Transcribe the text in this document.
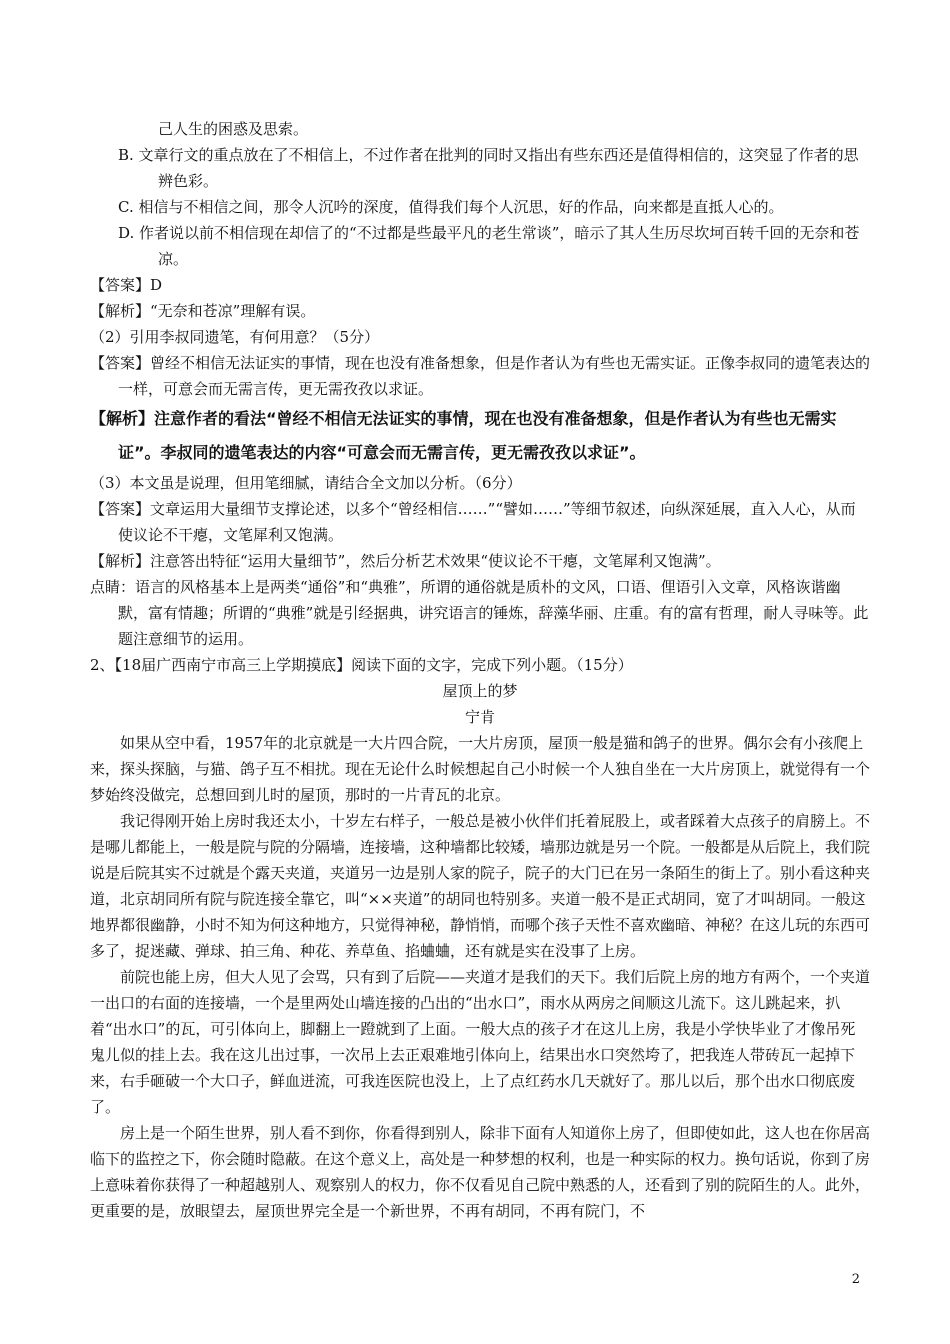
己人生的困惑及思索。

B. 文章行文的重点放在了不相信上，不过作者在批判的同时又指出有些东西还是值得相信的，这突显了作者的思辨色彩。

C. 相信与不相信之间，那令人沉吟的深度，值得我们每个人沉思，好的作品，向来都是直抵人心的。

D. 作者说以前不相信现在却信了的“不过都是些最平凡的老生常谈”，暗示了其人生历尽坎坷百转千回的无奈和苍凉。

【答案】D

【解析】“无奈和苍凉”理解有误。

（2）引用李叔同遗笔，有何用意？（5分）

【答案】曾经不相信无法证实的事情，现在也没有准备想象，但是作者认为有些也无需实证。正像李叔同的遗笔表达的一样，可意会而无需言传，更无需孜孜以求证。

【解析】注意作者的看法“曾经不相信无法证实的事情，现在也没有准备想象，但是作者认为有些也无需实证”。李叔同的遗笔表达的内容“可意会而无需言传，更无需孜孜以求证”。

（3）本文虽是说理，但用笔细腻，请结合全文加以分析。（6分）

【答案】文章运用大量细节支撑论述，以多个“曾经相信……”“譬如……”等细节叙述，向纵深延展，直入人心，从而使议论不干瘪，文笔犀利又饱满。

【解析】注意答出特征“运用大量细节”，然后分析艺术效果“使议论不干瘪，文笔犀利又饱满”。

点睛：语言的风格基本上是两类“通俗”和“典雅”，所谓的通俗就是质朴的文风，口语、俚语引入文章，风格诙谐幽默，富有情趣；所谓的“典雅”就是引经据典，讲究语言的锤炼，辞藻华丽、庄重。有的富有哲理，耐人寻味等。此题注意细节的运用。

2、【18届广西南宁市高三上学期摸底】阅读下面的文字，完成下列小题。（15分）

屋顶上的梦

宁肯

如果从空中看，1957年的北京就是一大片四合院，一大片房顶，屋顶一般是猫和鸽子的世界。偶尔会有小孩爬上来，探头探脑，与猫、鸽子互不相扰。现在无论什么时候想起自己小时候一个人独自坐在一大片房顶上，就觉得有一个梦始终没做完，总想回到儿时的屋顶，那时的一片青瓦的北京。

我记得刚开始上房时我还太小，十岁左右样子，一般总是被小伙伴们托着屁股上，或者踩着大点孩子的肩膀上。不是哪儿都能上，一般是院与院的分隔墙，连接墙，这种墙都比较矮，墙那边就是另一个院。一般都是从后院上，我们院说是后院其实不过就是个露天夹道，夹道另一边是别人家的院子，院子的大门已在另一条陌生的街上了。别小看这种夹道，北京胡同所有院与院连接全靠它，叫“××夹道”的胡同也特别多。夹道一般不是正式胡同，宽了才叫胡同。一般这地界都很幽静，小时不知为何这种地方，只觉得神秘，静悄悄，而哪个孩子天性不喜欢幽暗、神秘？在这儿玩的东西可多了，捉迷藏、弹球、拍三角、种花、养草鱼、掐蛐蛐，还有就是实在没事了上房。

前院也能上房，但大人见了会骂，只有到了后院——夹道才是我们的天下。我们后院上房的地方有两个，一个夹道一出口的右面的连接墙，一个是里两处山墙连接的凸出的“出水口”，雨水从两房之间顺这儿流下。这儿跳起来，扒着“出水口”的瓦，可引体向上，脚翻上一蹬就到了上面。一般大点的孩子才在这儿上房，我是小学快毕业了才像吊死鬼儿似的挂上去。我在这儿出过事，一次吊上去正艰难地引体向上，结果出水口突然垮了，把我连人带砖瓦一起掉下来，右手砸破一个大口子，鲜血迸流，可我连医院也没上，上了点红药水几天就好了。那儿以后，那个出水口彻底废了。

房上是一个陌生世界，别人看不到你，你看得到别人，除非下面有人知道你上房了，但即使如此，这人也在你居高临下的监控之下，你会随时隐蔽。在这个意义上，高处是一种梦想的权利，也是一种实际的权力。换句话说，你到了房上意味着你获得了一种超越别人、观察别人的权力，你不仅看见自己院中熟悉的人，还看到了别的院陌生的人。此外，更重要的是，放眼望去，屋顶世界完全是一个新世界，不再有胡同，不再有院门，不

2
